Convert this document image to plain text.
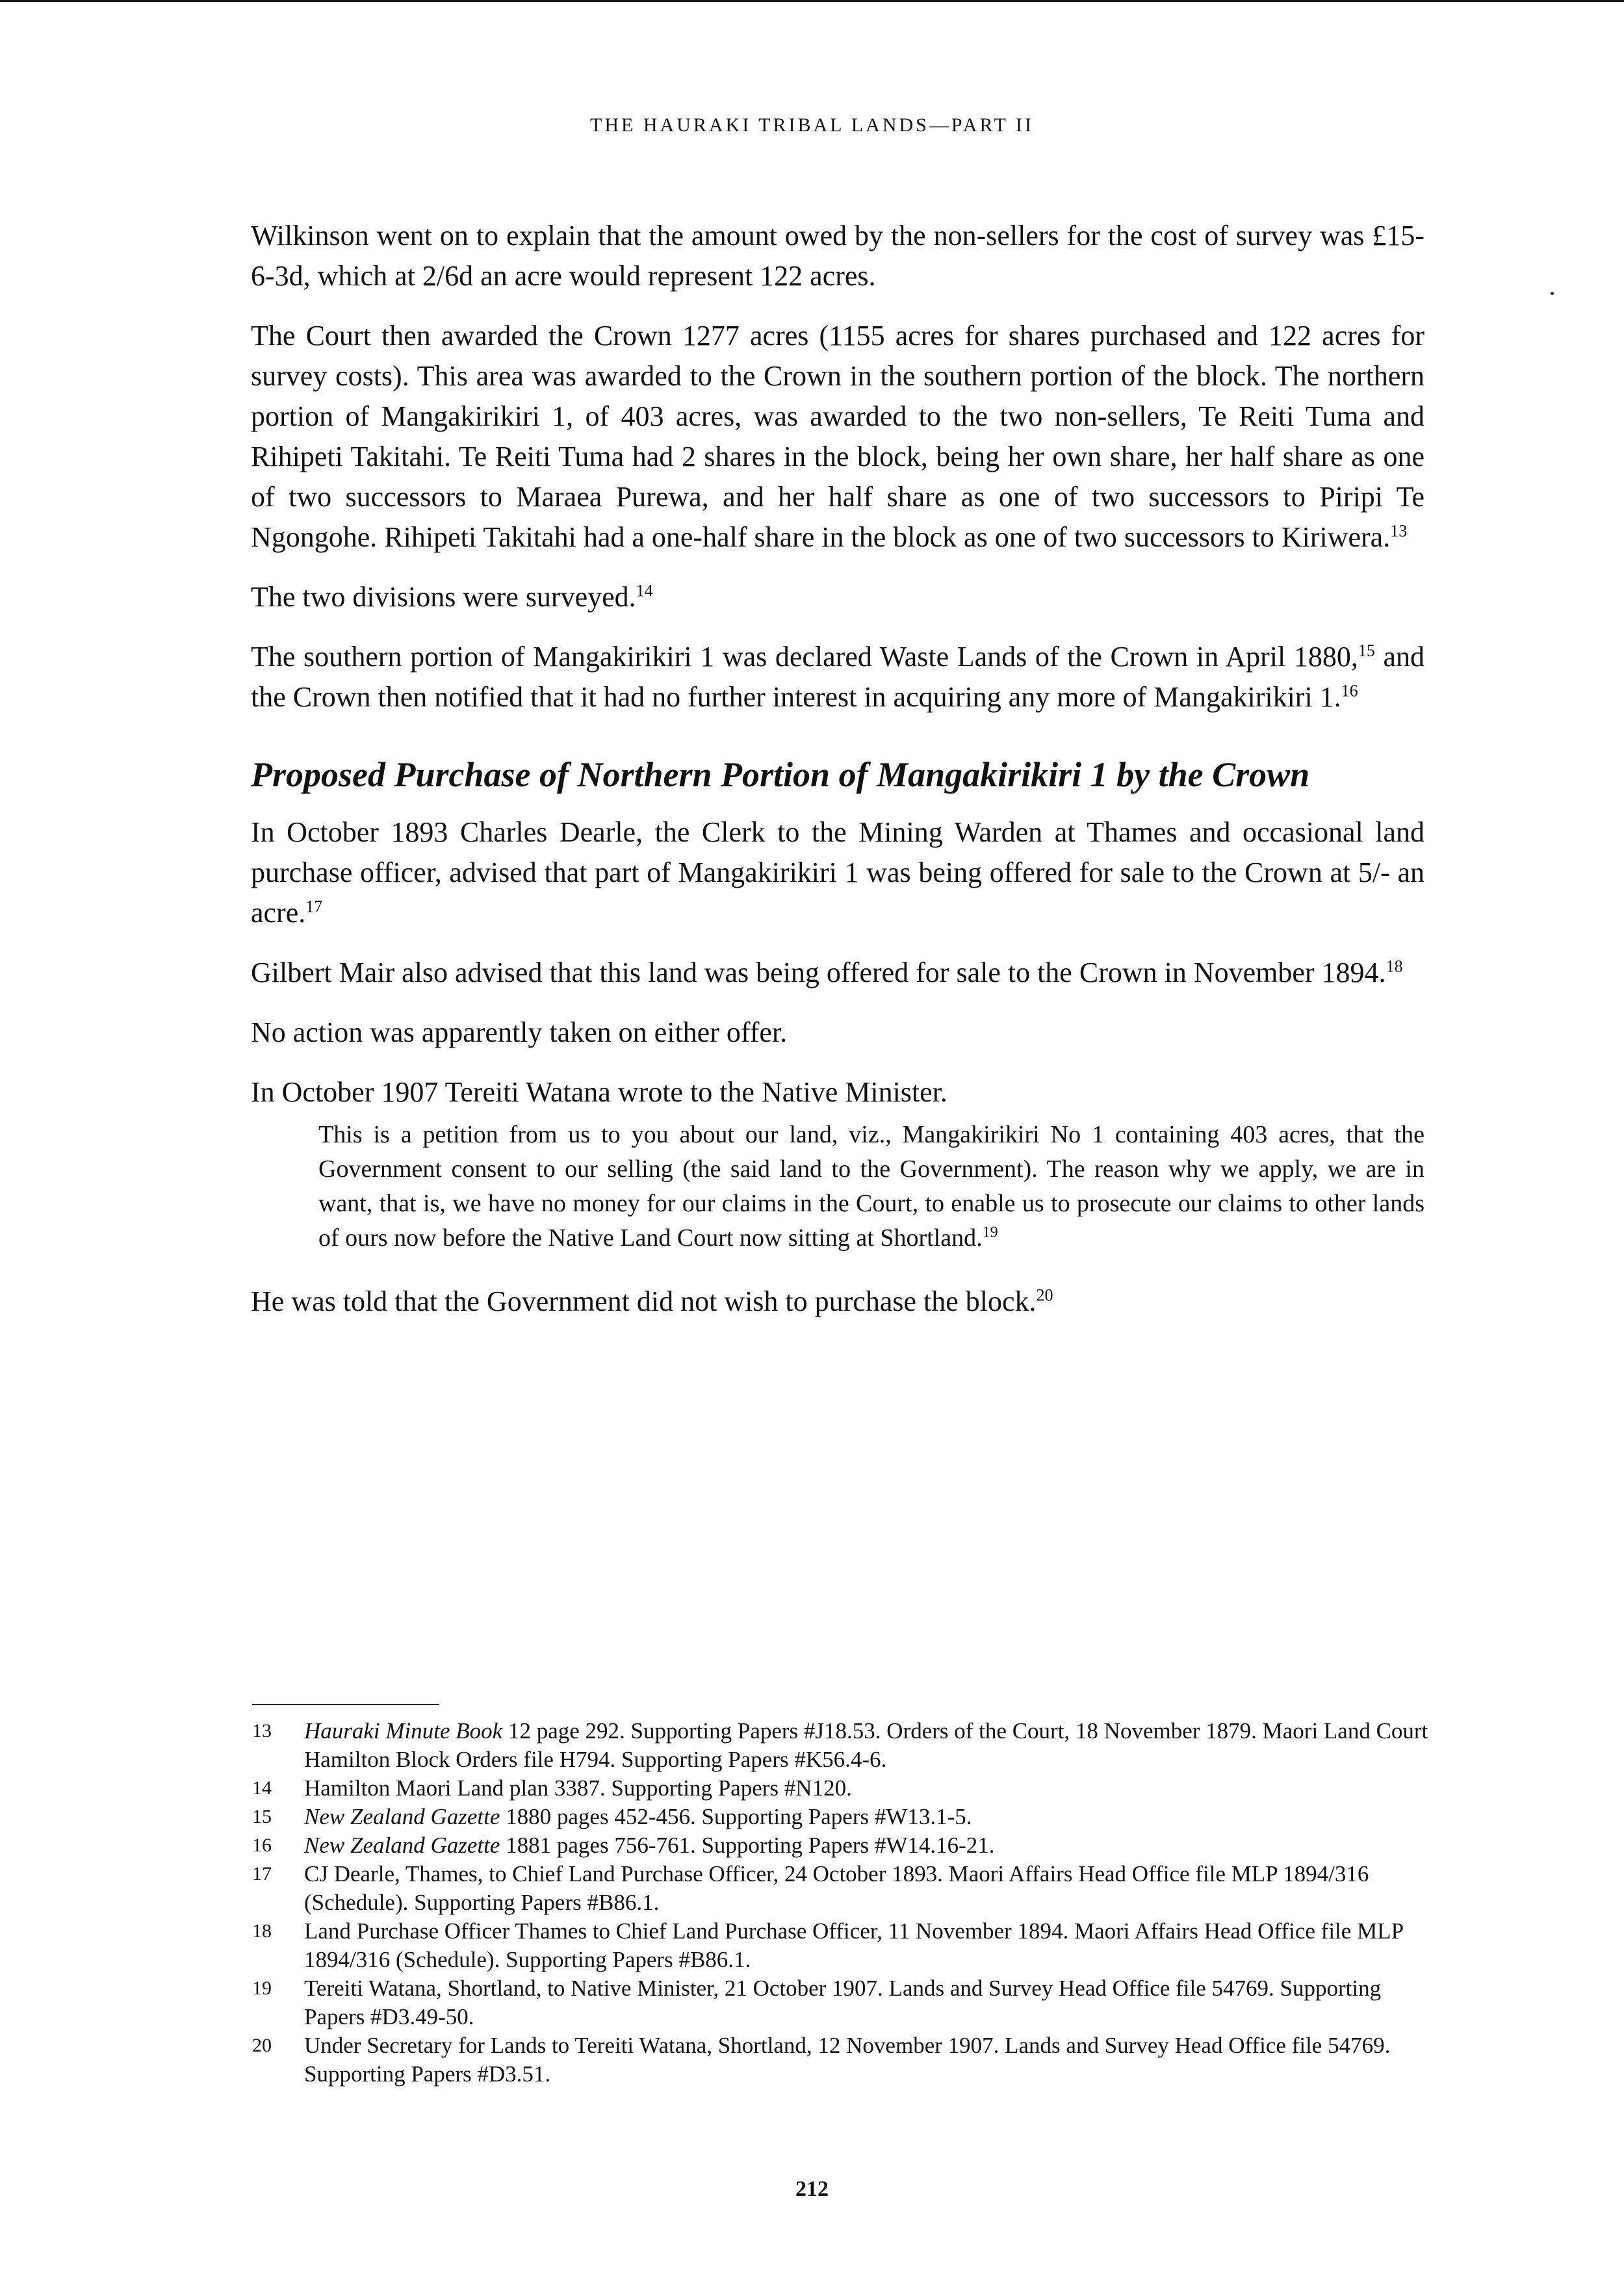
THE HAURAKI TRIBAL LANDS—PART II

Wilkinson went on to explain that the amount owed by the non-sellers for the cost of survey was £15-6-3d, which at 2/6d an acre would represent 122 acres.

The Court then awarded the Crown 1277 acres (1155 acres for shares purchased and 122 acres for survey costs). This area was awarded to the Crown in the southern portion of the block. The northern portion of Mangakirikiri 1, of 403 acres, was awarded to the two non-sellers, Te Reiti Tuma and Rihipeti Takitahi. Te Reiti Tuma had 2 shares in the block, being her own share, her half share as one of two successors to Maraea Purewa, and her half share as one of two successors to Piripi Te Ngongohe. Rihipeti Takitahi had a one-half share in the block as one of two successors to Kiriwera.$^{13}$

The two divisions were surveyed.$^{14}$

The southern portion of Mangakirikiri 1 was declared Waste Lands of the Crown in April 1880,15 and the Crown then notified that it had no further interest in acquiring any more of Mangakirikiri 1.16

Proposed Purchase of Northern Portion of Mangakirikiri 1 by the Crown

In October 1893 Charles Dearle, the Clerk to the Mining Warden at Thames and occasional land purchase officer, advised that part of Mangakirikiri 1 was being offered for sale to the Crown at 5/- an acre.$^{17}$

Gilbert Mair also advised that this land was being offered for sale to the Crown in November 1894.18

No action was apparently taken on either offer.

In October 1907 Tereiti Watana wrote to the Native Minister.

This is a petition from us to you about our land, viz., Mangakirikiri No 1 containing 403 acres, that the Government consent to our selling (the said land to the Government). The reason why we apply, we are in want, that is, we have no money for our claims in the Court, to enable us to prosecute our claims to other lands of ours now before the Native Land Court now sitting at Shortland.$^{19}$

He was told that the Government did not wish to purchase the block.$^{20}$

13	Hauraki Minute Book 12 page 292. Supporting Papers #J18.53. Orders of the Court, 18 November 1879. Maori Land Court Hamilton Block Orders file H794. Supporting Papers #K56.4-6.
14	Hamilton Maori Land plan 3387. Supporting Papers #N120.
15	New Zealand Gazette 1880 pages 452-456. Supporting Papers #W13.1-5.
16	New Zealand Gazette 1881 pages 756-761. Supporting Papers #W14.16-21.
17	CJ Dearle, Thames, to Chief Land Purchase Officer, 24 October 1893. Maori Affairs Head Office file MLP 1894/316 (Schedule). Supporting Papers #B86.1.
18	Land Purchase Officer Thames to Chief Land Purchase Officer, 11 November 1894. Maori Affairs Head Office file MLP 1894/316 (Schedule). Supporting Papers #B86.1.
19	Tereiti Watana, Shortland, to Native Minister, 21 October 1907. Lands and Survey Head Office file 54769. Supporting Papers #D3.49-50.
20	Under Secretary for Lands to Tereiti Watana, Shortland, 12 November 1907. Lands and Survey Head Office file 54769. Supporting Papers #D3.51.
212
